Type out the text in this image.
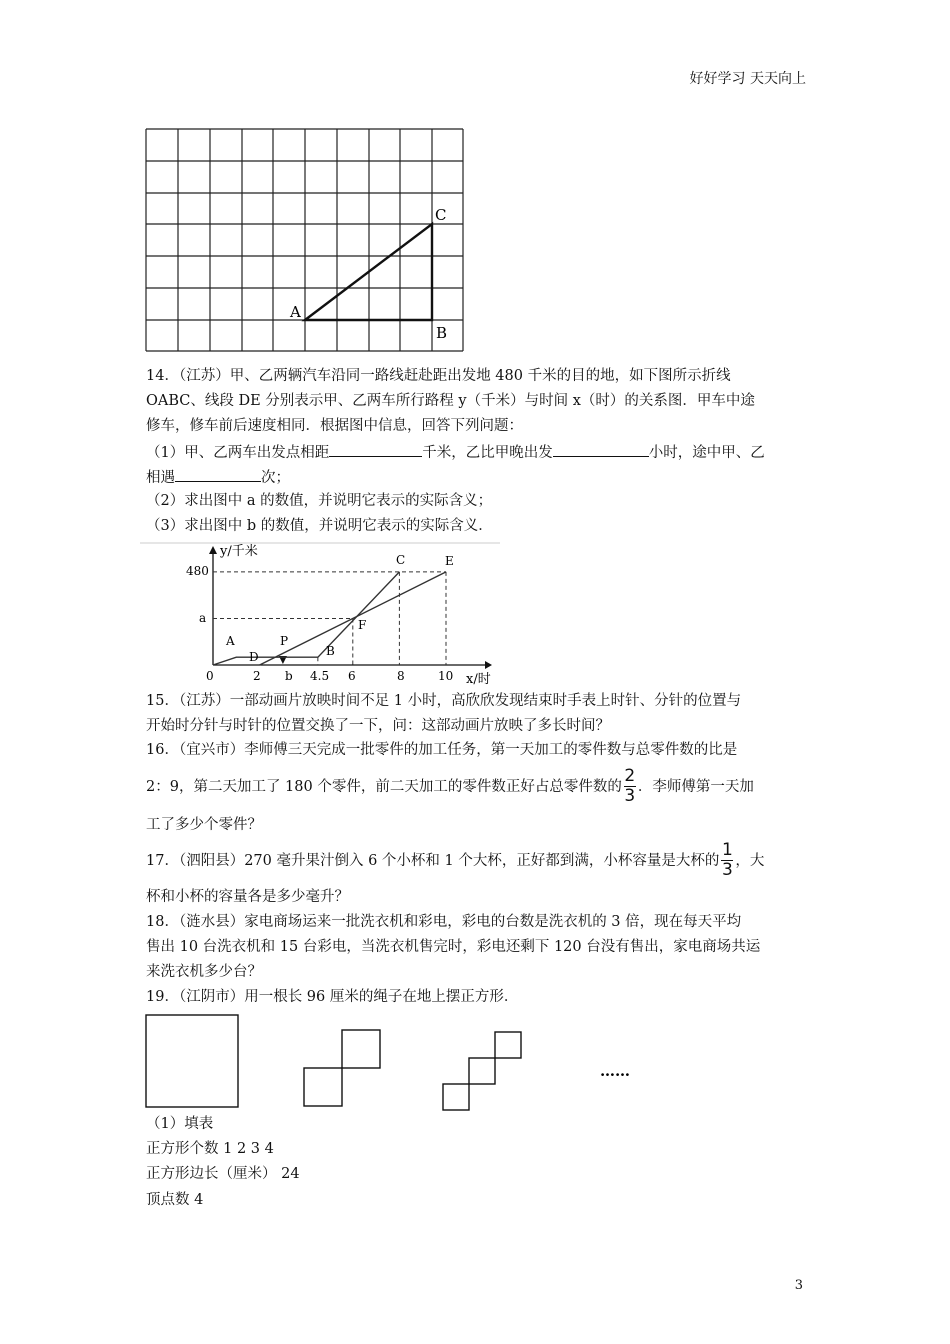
好好学习 天天向上
A
B
C
14．（江苏）甲、乙两辆汽车沿同一路线赶赴距出发地 480 千米的目的地，如下图所示折线
OABC、线段 DE 分别表示甲、乙两车所行路程 y（千米）与时间 x（时）的关系图．甲车中途
修车，修车前后速度相同．根据图中信息，回答下列问题：
（1）甲、乙两车出发点相距	千米，乙比甲晚出发	小时，途中甲、乙
相遇	次；
（2）求出图中 a 的数值，并说明它表示的实际含义；
（3）求出图中 b 的数值，并说明它表示的实际含义．
y/千米
x/时
480
a
0	2 b 4.5 6	8	10
A	P
B
C
D
E
F
15．（江苏）一部动画片放映时间不足 1 小时，高欣欣发现结束时手表上时针、分针的位置与
开始时分针与时针的位置交换了一下，问：这部动画片放映了多长时间？
16．（宜兴市）李师傅三天完成一批零件的加工任务，第一天加工的零件数与总零件数的比是
2：9，第二天加工了 180 个零件，前二天加工的零件数正好占总零件数的 $\frac{2}{3}$ ．李师傅第一天加
工了多少个零件？
17．（泗阳县）270 毫升果汁倒入 6 个小杯和 1 个大杯，正好都到满，小杯容量是大杯的 $\frac{1}{3}$ ，大
杯和小杯的容量各是多少毫升？
18．（涟水县）家电商场运来一批洗衣机和彩电，彩电的台数是洗衣机的 3 倍，现在每天平均
售出 10 台洗衣机和 15 台彩电，当洗衣机售完时，彩电还剩下 120 台没有售出，家电商场共运
来洗衣机多少台？
19．（江阴市）用一根长 96 厘米的绳子在地上摆正方形．
……
（1）填表
正方形个数 1 2 3 4
正方形边长（厘米） 24
顶点数 4
3
